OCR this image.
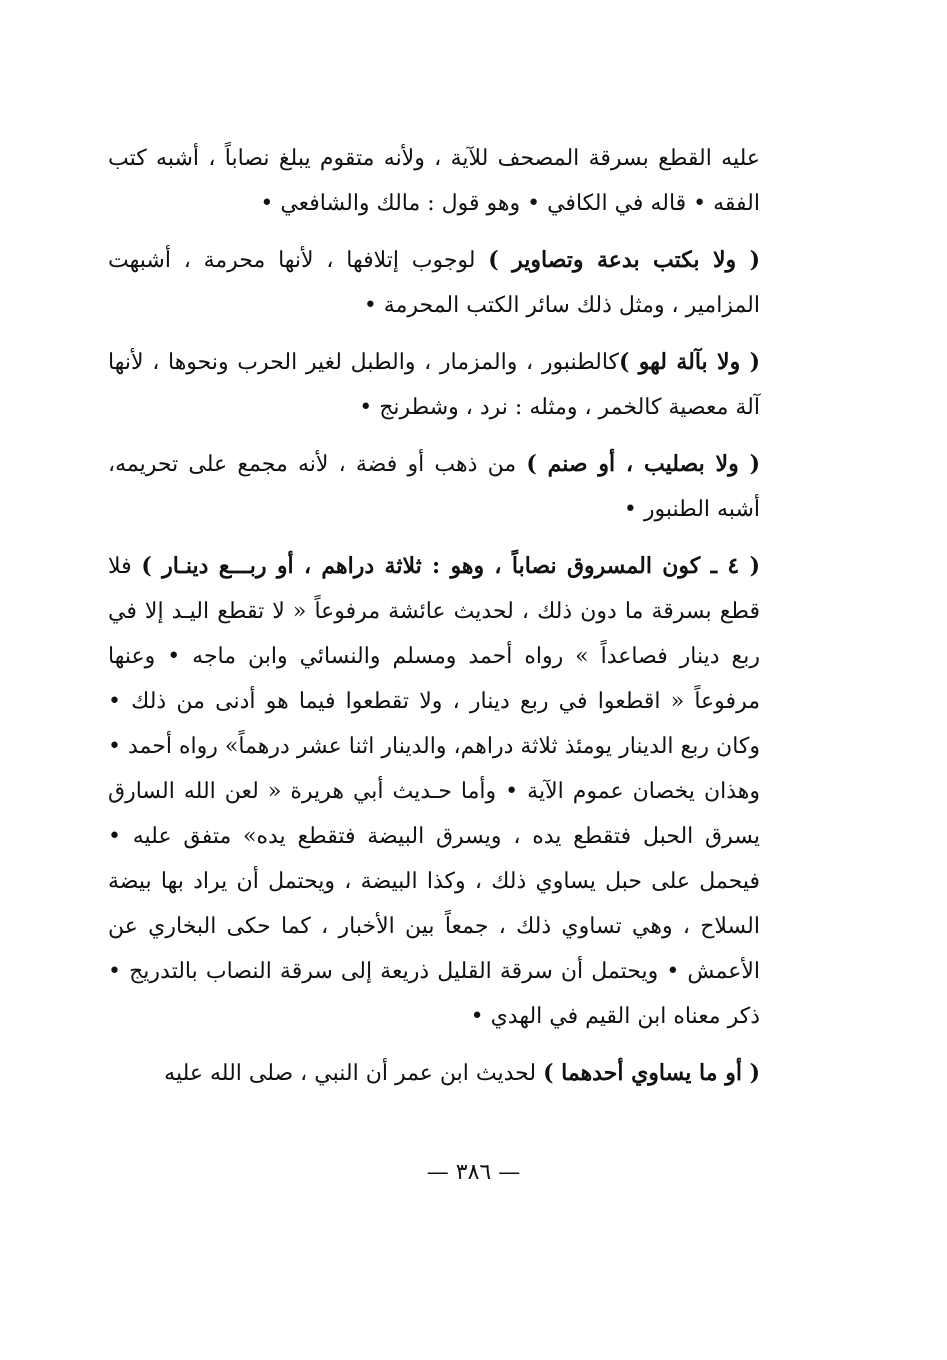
عليه القطع بسرقة المصحف للآية ، ولأنه متقوم يبلغ نصاباً ، أشبه كتب الفقه • قاله في الكافي • وهو قول : مالك والشافعي •

( ولا بكتب بدعة وتصاوير ) لوجوب إتلافها ، لأنها محرمة ، أشبهت المزامير ، ومثل ذلك سائر الكتب المحرمة •

( ولا بآلة لهو )كالطنبور ، والمزمار ، والطبل لغير الحرب ونحوها ، لأنها آلة معصية كالخمر ، ومثله : نرد ، وشطرنج •

( ولا بصليب ، أو صنم ) من ذهب أو فضة ، لأنه مجمع على تحريمه، أشبه الطنبور •

( ٤ ـ كون المسروق نصاباً ، وهو : ثلاثة دراهم ، أو ربـــع دينـار ) فلا قطع بسرقة ما دون ذلك ، لحديث عائشة مرفوعاً « لا تقطع اليـد إلا في ربع دينار فصاعداً » رواه أحمد ومسلم والنسائي وابن ماجه • وعنها مرفوعاً « اقطعوا في ربع دينار ، ولا تقطعوا فيما هو أدنى من ذلك • وكان ربع الدينار يومئذ ثلاثة دراهم، والدينار اثنا عشر درهماً» رواه أحمد • وهذان يخصان عموم الآية • وأما حـديث أبي هريرة « لعن الله السارق يسرق الحبل فتقطع يده ، ويسرق البيضة فتقطع يده» متفق عليه • فيحمل على حبل يساوي ذلك ، وكذا البيضة ، ويحتمل أن يراد بها بيضة السلاح ، وهي تساوي ذلك ، جمعاً بين الأخبار ، كما حكى البخاري عن الأعمش • ويحتمل أن سرقة القليل ذريعة إلى سرقة النصاب بالتدريج • ذكر معناه ابن القيم في الهدي •

( أو ما يساوي أحدهما ) لحديث ابن عمر أن النبي ، صلى الله عليه

— ٣٨٦ —
